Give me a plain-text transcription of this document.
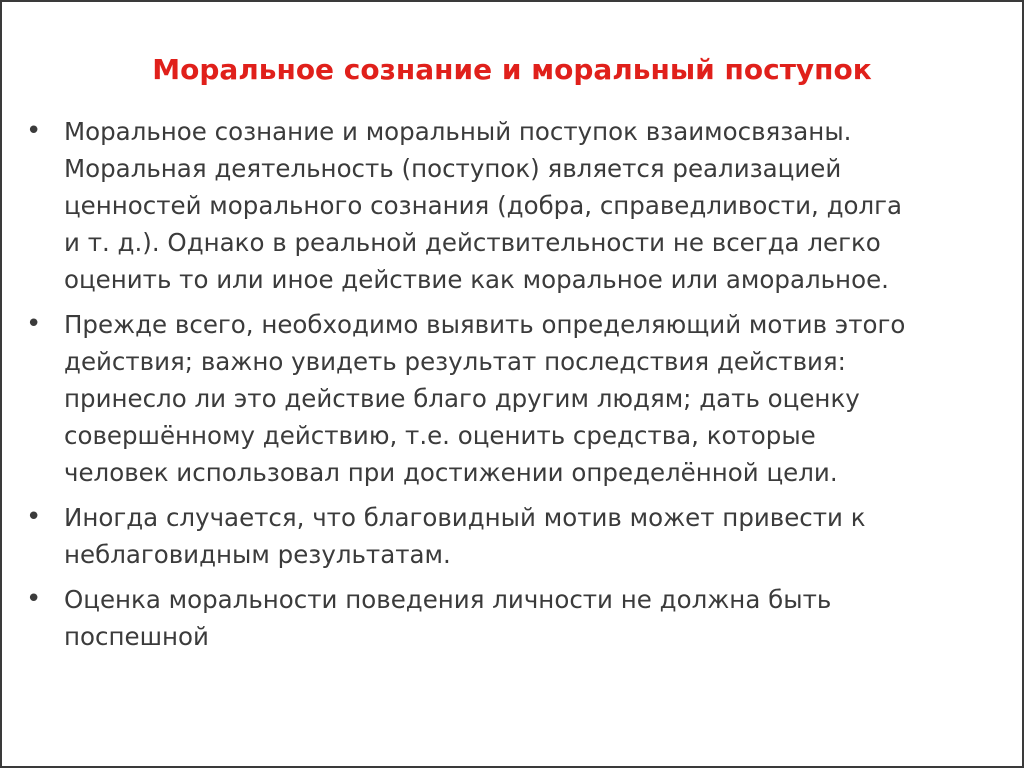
Моральное сознание и моральный поступок
• Моральное сознание и моральный поступок взаимосвязаны.
Моральная деятельность (поступок) является реализацией
ценностей морального сознания (добра, справедливости, долга
и т. д.). Однако в реальной действительности не всегда легко
оценить то или иное действие как моральное или аморальное.
• Прежде всего, необходимо выявить определяющий мотив этого
действия; важно увидеть результат последствия действия:
принесло ли это действие благо другим людям; дать оценку
совершённому действию, т.е. оценить средства, которые
человек использовал при достижении определённой цели.
• Иногда случается, что благовидный мотив может привести к
неблаговидным результатам.
• Оценка моральности поведения личности не должна быть
поспешной
